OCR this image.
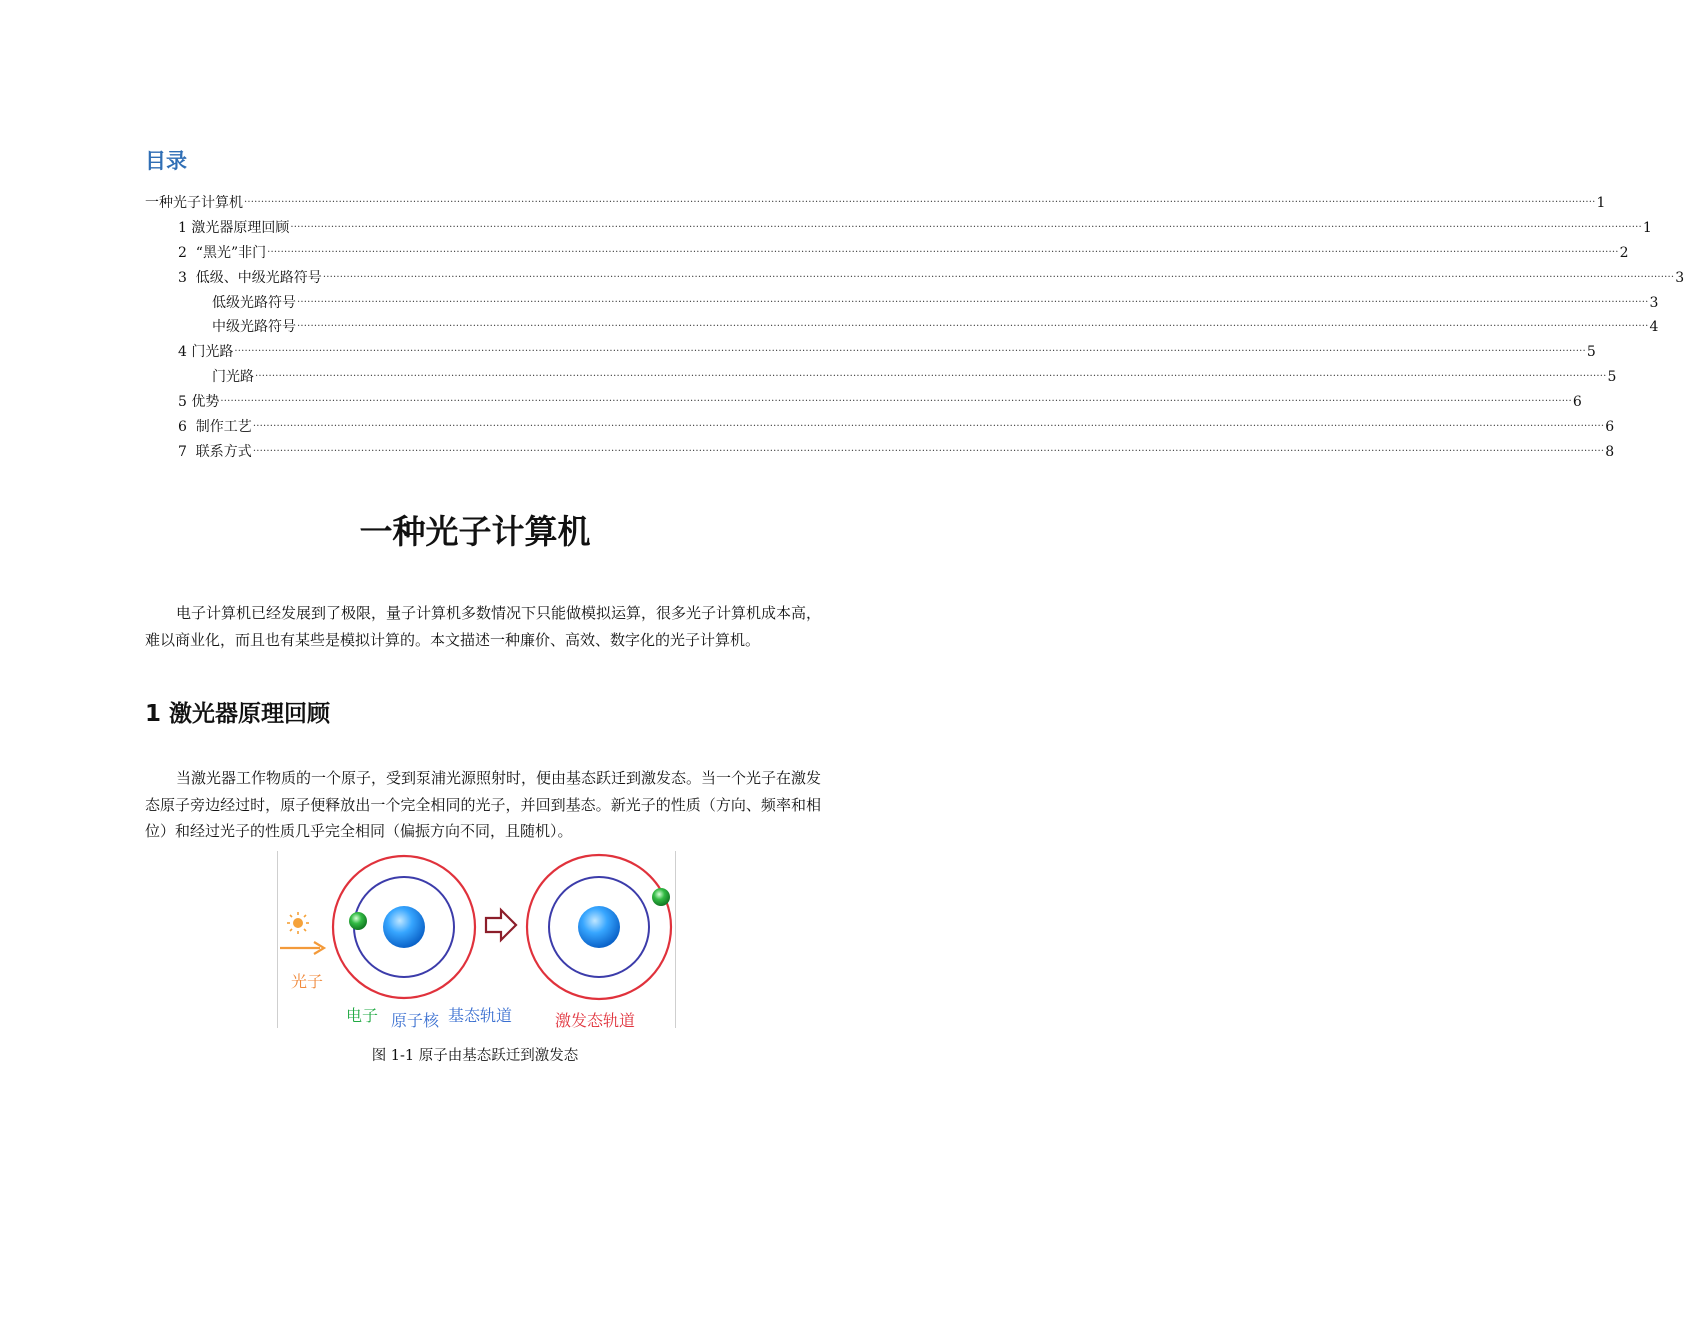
目录
一种光子计算机 ................................................................................................................................................................................................................................................................................................................................................................................................................ 1
1 激光器原理回顾 ................................................................................................................................................................................................................................................................................................................................................................................................................ 1
2  “黑光”非门 ................................................................................................................................................................................................................................................................................................................................................................................................................ 2
3  低级、中级光路符号 ................................................................................................................................................................................................................................................................................................................................................................................................................ 3
低级光路符号 ................................................................................................................................................................................................................................................................................................................................................................................................................ 3
中级光路符号 ................................................................................................................................................................................................................................................................................................................................................................................................................ 4
4 门光路 ................................................................................................................................................................................................................................................................................................................................................................................................................ 5
门光路 ................................................................................................................................................................................................................................................................................................................................................................................................................ 5
5 优势 ................................................................................................................................................................................................................................................................................................................................................................................................................ 6
6  制作工艺 ................................................................................................................................................................................................................................................................................................................................................................................................................ 6
7  联系方式 ................................................................................................................................................................................................................................................................................................................................................................................................................ 8
一种光子计算机
电子计算机已经发展到了极限，量子计算机多数情况下只能做模拟运算，很多光子计算机成本高，难以商业化，而且也有某些是模拟计算的。本文描述一种廉价、高效、数字化的光子计算机。
1 激光器原理回顾
当激光器工作物质的一个原子，受到泵浦光源照射时，便由基态跃迁到激发态。当一个光子在激发态原子旁边经过时，原子便释放出一个完全相同的光子，并回到基态。新光子的性质（方向、频率和相位）和经过光子的性质几乎完全相同（偏振方向不同，且随机）。
光子
电子 原子核 基态轨道	激发态轨道
图 1-1 原子由基态跃迁到激发态
